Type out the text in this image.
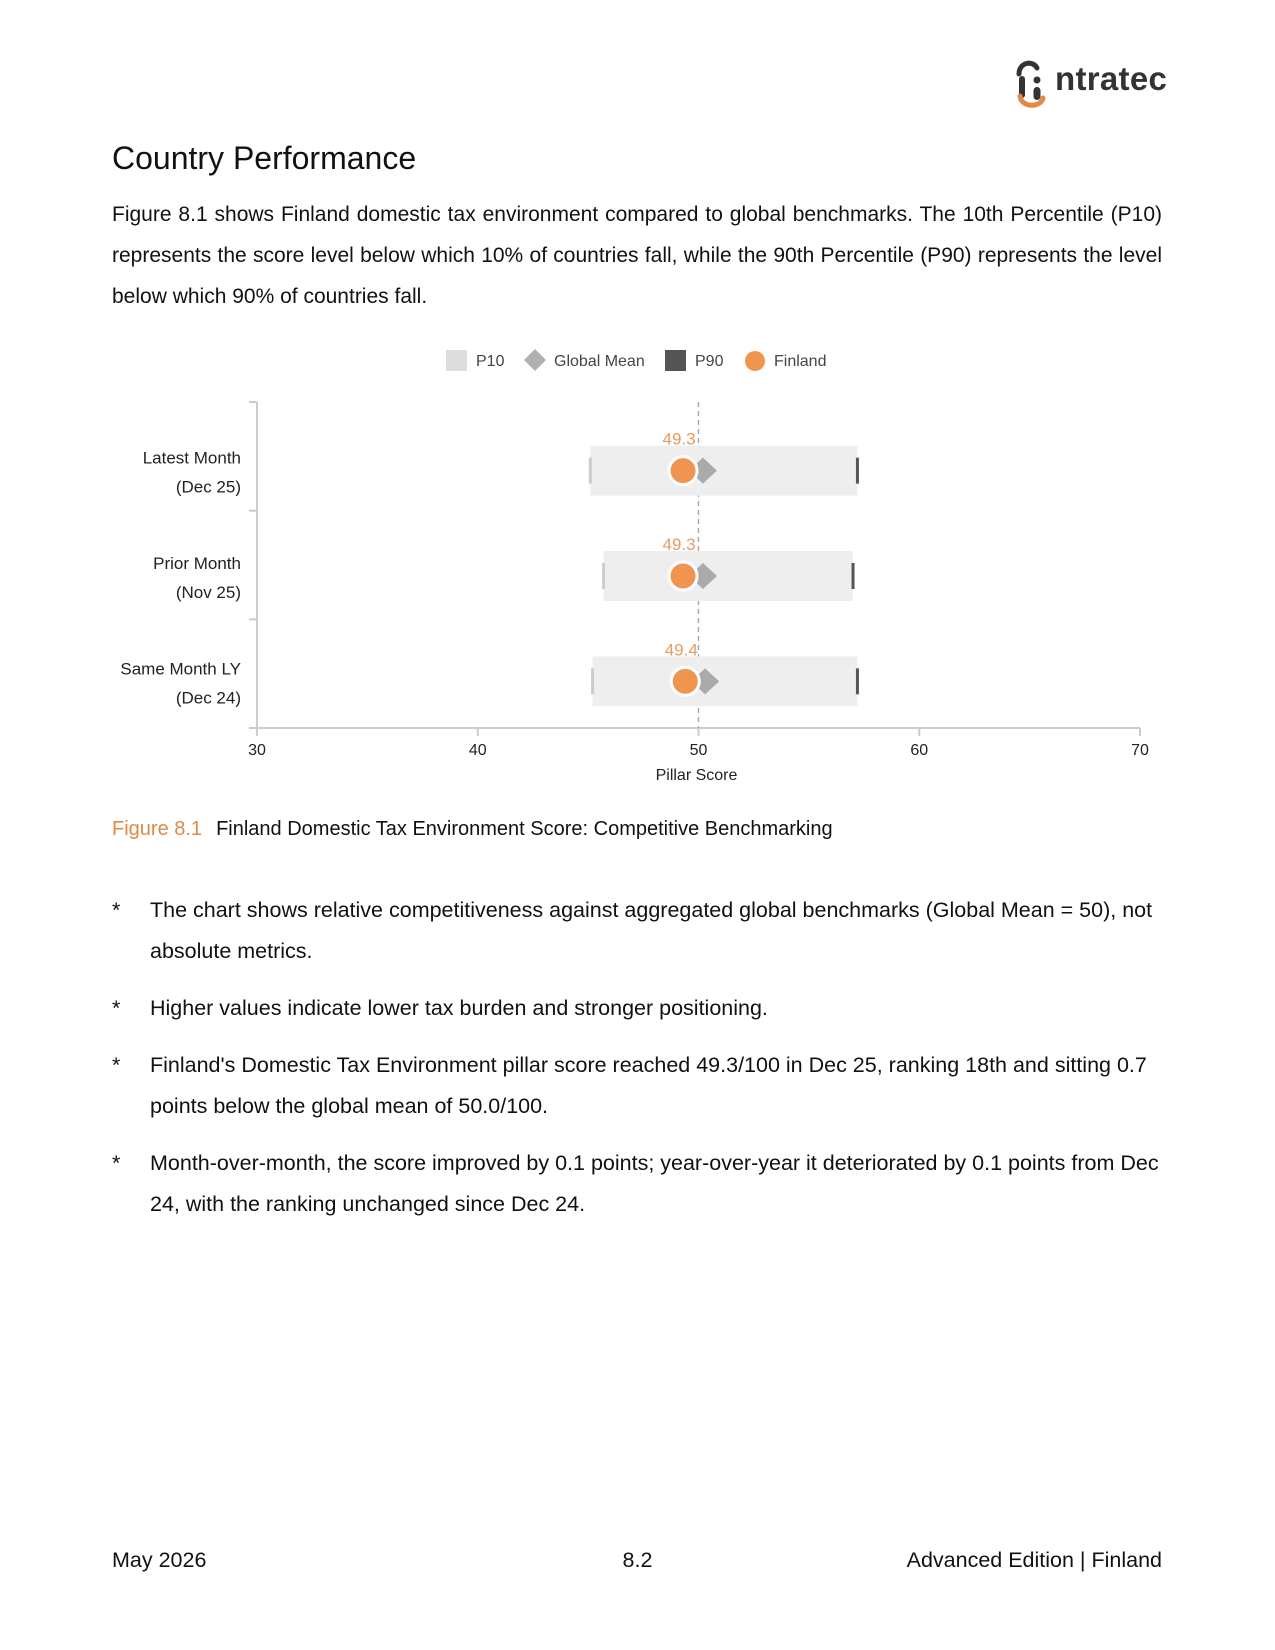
ntratec
Country Performance

Figure 8.1 shows Finland domestic tax environment compared to global benchmarks. The 10th Percentile (P10) represents the score level below which 10% of countries fall, while the 90th Percentile (P90) represents the level below which 90% of countries fall.

P10	Global Mean	P90	Finland
30	40	50	60	70
Pillar Score
Latest Month
(Dec 25)
49.3
Prior Month
(Nov 25)
49.3
Same Month LY
(Dec 24)
49.4
Figure 8.1 Finland Domestic Tax Environment Score: Competitive Benchmarking
* The chart shows relative competitiveness against aggregated global benchmarks (Global Mean = 50), not absolute metrics.
* Higher values indicate lower tax burden and stronger positioning.
* Finland's Domestic Tax Environment pillar score reached 49.3/100 in Dec 25, ranking 18th and sitting 0.7 points below the global mean of 50.0/100.
* Month-over-month, the score improved by 0.1 points; year-over-year it deteriorated by 0.1 points from Dec 24, with the ranking unchanged since Dec 24.
May 2026	8.2	Advanced Edition | Finland
